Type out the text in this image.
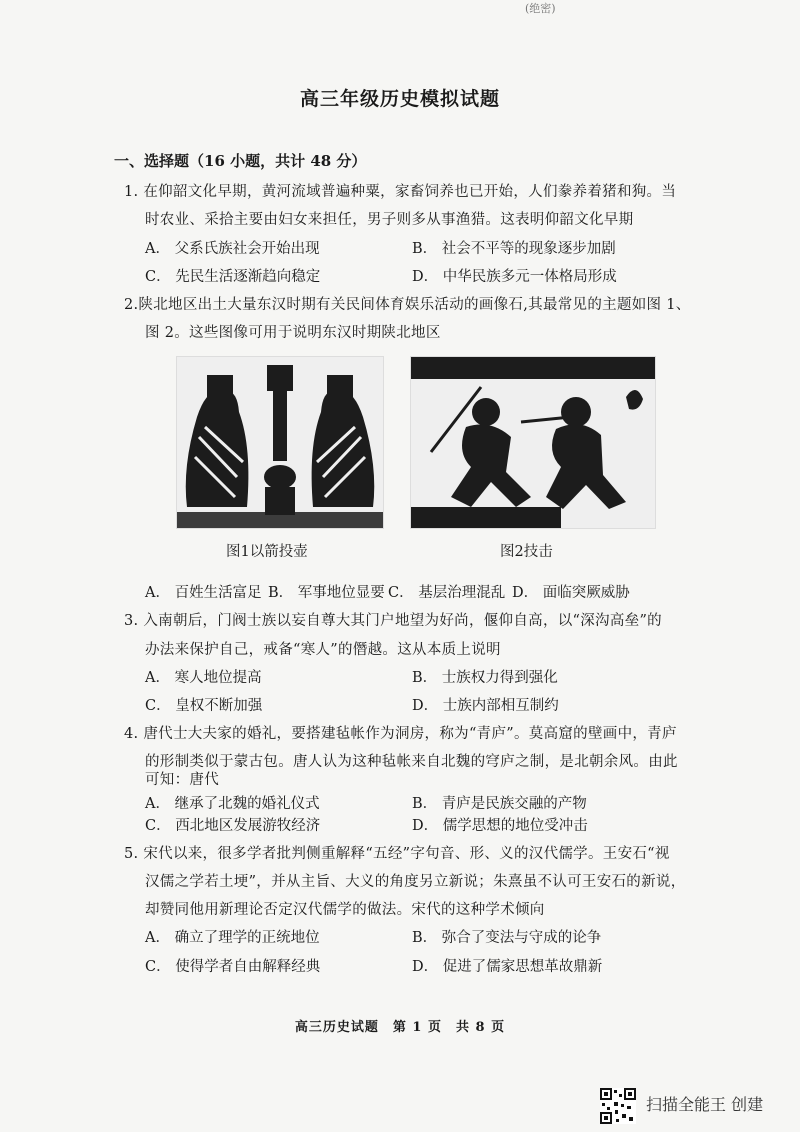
(绝密)
高三年级历史模拟试题
一、选择题（16 小题，共计 48 分）
1. 在仰韶文化早期，黄河流域普遍种粟，家畜饲养也已开始，人们豢养着猪和狗。当
时农业、采拾主要由妇女来担任，男子则多从事渔猎。这表明仰韶文化早期
A． 父系氏族社会开始出现	B． 社会不平等的现象逐步加剧
C． 先民生活逐渐趋向稳定	D． 中华民族多元一体格局形成
2.陕北地区出土大量东汉时期有关民间体育娱乐活动的画像石,其最常见的主题如图 1、
图 2。这些图像可用于说明东汉时期陕北地区
图1以箭投壶	图2技击
A． 百姓生活富足 B． 军事地位显要 C． 基层治理混乱 D． 面临突厥威胁
3. 入南朝后，门阀士族以妄自尊大其门户地望为好尚，偃仰自高，以“深沟高垒”的
办法来保护自己，戒备“寒人”的僭越。这从本质上说明
A． 寒人地位提高	B． 士族权力得到强化
C． 皇权不断加强	D． 士族内部相互制约
4. 唐代士大夫家的婚礼，要搭建毡帐作为洞房，称为“青庐”。莫高窟的壁画中，青庐
的形制类似于蒙古包。唐人认为这种毡帐来自北魏的穹庐之制，是北朝余风。由此
可知：唐代
A． 继承了北魏的婚礼仪式	B． 青庐是民族交融的产物
C． 西北地区发展游牧经济	D． 儒学思想的地位受冲击
5. 宋代以来，很多学者批判侧重解释“五经”字句音、形、义的汉代儒学。王安石“视
汉儒之学若土埂”，并从主旨、大义的角度另立新说；朱熹虽不认可王安石的新说，
却赞同他用新理论否定汉代儒学的做法。宋代的这种学术倾向
A． 确立了理学的正统地位	B． 弥合了变法与守成的论争
C． 使得学者自由解释经典	D． 促进了儒家思想革故鼎新
高三历史试题　第 1 页　共 8 页
扫描全能王 创建
